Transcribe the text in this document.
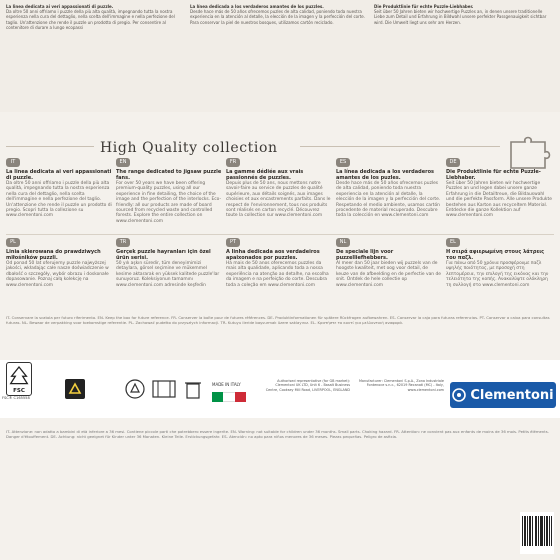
La linea dedicata ai veri appassionati di puzzle.
Da oltre 50 anni offriamo i puzzle della più alta qualità, impegnando tutta la nostra esperienza nella cura del dettaglio, nella scelta dell'immagine e nella perfezione del taglio. Un'attenzione che rende il puzzle un prodotto di pregio. Per consentire al contenitore di durare a lungo ecopassi
La línea dedicada a los verdaderos amantes de los puzzles.
Desde hace más de 50 años ofrecemos puzles de alta calidad, poniendo toda nuestra experiencia en la atención al detalle, la elección de la imagen y la perfección del corte. Para conservar la piel de nuestros bosques, utilizamos cartón reciclado.
Die Produktlinie für echte Puzzle-Liebhaber.
Seit über 50 Jahren bieten wir hochwertige Puzzles an, in denen unsere traditionelle Liebe zum Detail und Erfahrung in Bildwahl unsere perfekter Passgenauigkeit sichtbar wird. Die Umwelt liegt uns sehr am Herzen.
High Quality collection
IT
La linea dedicata ai veri appassionati di puzzle.
Da oltre 50 anni offriamo i puzzle della più alta qualità, impegnando tutta la nostra esperienza nella cura del dettaglio, nella scelta dell'immagine e nella perfezione del taglio. Un'attenzione che rende il puzzle un prodotto di pregio. Scopri tutta la collezione su www.clementoni.com
EN
The range dedicated to jigsaw puzzle fans.
For over 50 years we have been offering premium-quality puzzles, using all our experience in fine detailing, the choice of the image and the perfection of the interlocks. Eco-friendly: all our products are made of board sourced from recycled waste and controlled forests. Explore the entire collection on www.clementoni.com
FR
La gamme dédiée aux vrais passionnés de puzzles.
Depuis plus de 50 ans, nous mettons notre savoir-faire au service de puzzles de qualité supérieure, aux détails soignés, aux images choisies et aux encastrements parfaits. Dans le respect de l'environnement, tous nos produits sont réalisés en carton recyclé. Découvrez toute la collection sur www.clementoni.com
ES
La línea dedicada a los verdaderos amantes de los puzles.
Desde hace más de 50 años ofrecemos puzles de alta calidad, poniendo toda nuestra experiencia en la atención al detalle, la elección de la imagen y la perfección del corte. Respetando el medio ambiente, usamos cartón procedente de material recuperado. Descubre toda la colección en www.clementoni.com
DE
Die Produktlinie für echte Puzzle-Liebhaber.
Seit über 50 Jahren bieten wir hochwertige Puzzles an und legen dabei unsere ganze Erfahrung in die Detailtreue, die Bildauswahl und die perfekte Passform. Alle unsere Produkte bestehen aus Karton aus recyceltem Material. Entdecke die ganze Kollektion auf www.clementoni.com
PL
Linia skierowana do prawdziwych miłośników puzzli.
Od ponad 50 lat oferujemy puzzle najwyższej jakości, wkładając całe nasze doświadczenie w dbałość o szczegóły, wybór obrazu i doskonałe dopasowanie. Poznaj całą kolekcję na www.clementoni.com
TR
Gerçek puzzle hayranları için özel ürün serisi.
50 yılı aşkın süredir, tüm deneyimimizi detaylara, görsel seçimine ve mükemmel kesime aktararak en yüksek kalitede puzzle'lar sunuyoruz. Koleksiyonun tamamını www.clementoni.com adresinde keşfedin
PT
A linha dedicada aos verdadeiros apaixonados por puzzles.
Há mais de 50 anos oferecemos puzzles da mais alta qualidade, aplicando toda a nossa experiência na atenção ao detalhe, na escolha da imagem e na perfeição do corte. Descubra toda a coleção em www.clementoni.com
NL
De speciale lijn voor puzzelliefhebbers.
Al meer dan 50 jaar bieden wij puzzels van de hoogste kwaliteit, met oog voor detail, de keuze van de afbeelding en de perfectie van de snit. Ontdek de hele collectie op www.clementoni.com
EL
Η σειρά αφιερωμένη στους λάτρεις του παζλ.
Για πάνω από 50 χρόνια προσφέρουμε παζλ υψηλής ποιότητας, με προσοχή στη λεπτομέρεια, την επιλογή της εικόνας και την τελειότητα της κοπής. Ανακαλύψτε ολόκληρη τη συλλογή στο www.clementoni.com
IT- Conservare la scatola per futuro riferimento. EN- Keep the box for future reference. FR- Conserver la boîte pour de futures références. DE- Produktinformationen für spätere Rückfragen aufbewahren. ES- Conservar la caja para futuras referencias. PT- Conservar a caixa para consultas futuras. NL- Bewaar de verpakking voor toekomstige referentie. PL- Zachować pudełko do przyszłych informacji. TR- Kutuyu ileride başvurmak üzere saklayınız. EL- Κρατήστε το κουτί για μελλοντική αναφορά.
FSC
FSC® C165558
MADE IN ITALY
Authorised representative (for GB market): Clementoni UK LTD, Unit 6 - Basalt Business Centre, Cooksey Mill Road, LIVERPOOL, ENGLAND
Manufacturer: Clementoni S.p.A., Zona Industriale Fontenoce s.n.c., 62019 Recanati (MC) - Italy, www.clementoni.com Clementoni
IT- Attenzione: non adatto a bambini di età inferiore a 36 mesi. Contiene piccole parti che potrebbero essere ingerite. EN- Warning: not suitable for children under 36 months. Small parts. Choking hazard. FR- Attention: ne convient pas aux enfants de moins de 36 mois. Petits éléments. Danger d'étouffement. DE- Achtung: nicht geeignet für Kinder unter 36 Monaten. Kleine Teile. Erstickungsgefahr. ES- Atención: no apto para niños menores de 36 meses. Piezas pequeñas. Peligro de asfixia.
